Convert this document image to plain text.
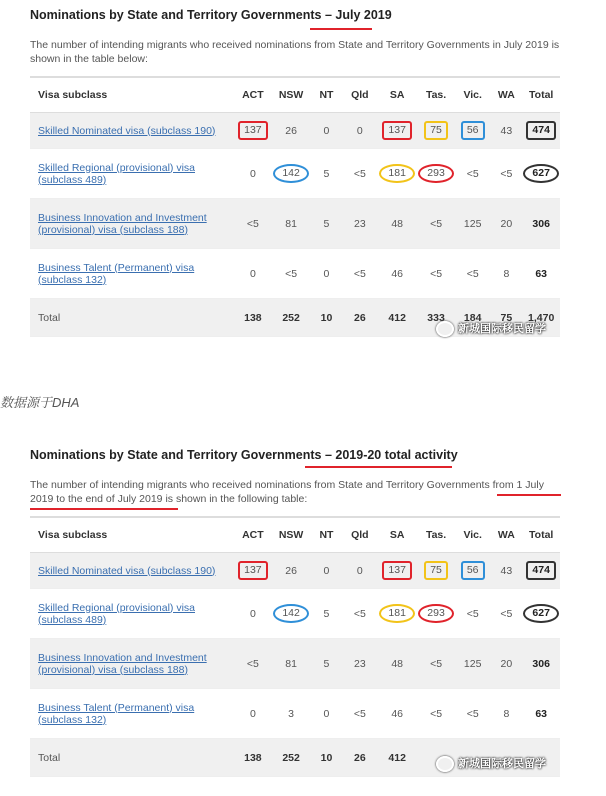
Nominations by State and Territory Governments – July 2019
The number of intending migrants who received nominations from State and Territory Governments in July 2019 is shown in the table below:
Visa subclass	ACT	NSW	NT	Qld	SA	Tas.	Vic.	WA	Total
Skilled Nominated visa (subclass 190)	137	26	0	0	137	75	56	43	474
Skilled Regional (provisional) visa
(subclass 489)	0	142	5	<5	181	293	<5	<5	627
Business Innovation and Investment
(provisional) visa (subclass 188)	<5	81	5	23	48	<5	125	20	306
Business Talent (Permanent) visa
(subclass 132)	0	<5	0	<5	46	<5	<5	8	63
Total	138	252	10	26	412	333	184	75	1,470
数据源于DHA
Nominations by State and Territory Governments – 2019-20 total activity
The number of intending migrants who received nominations from State and Territory Governments from 1 July 2019 to the end of July 2019 is shown in the following table:
Visa subclass	ACT	NSW	NT	Qld	SA	Tas.	Vic.	WA	Total
Skilled Nominated visa (subclass 190)	137	26	0	0	137	75	56	43	474
Skilled Regional (provisional) visa
(subclass 489)	0	142	5	<5	181	293	<5	<5	627
Business Innovation and Investment
(provisional) visa (subclass 188)	<5	81	5	23	48	<5	125	20	306
Business Talent (Permanent) visa
(subclass 132)	0	3	0	<5	46	<5	<5	8	63
Total	138	252	10	26	412				
新城国际移民留学
新城国际移民留学
